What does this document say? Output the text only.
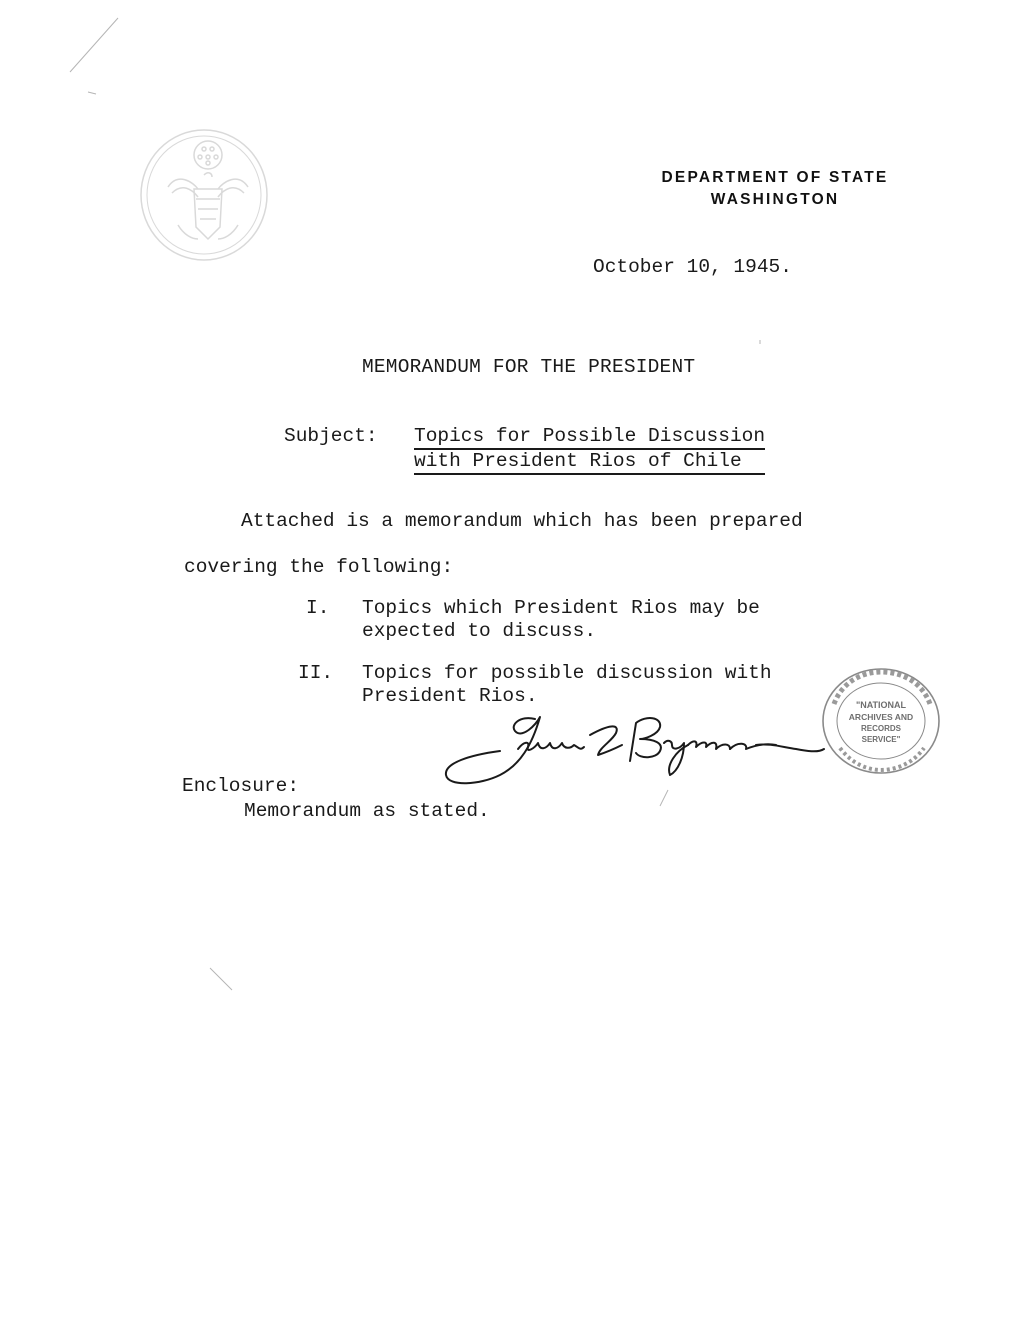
DEPARTMENT OF STATE
WASHINGTON
October 10, 1945.
MEMORANDUM FOR THE PRESIDENT
Subject: Topics for Possible Discussion
with President Rios of Chile
Attached is a memorandum which has been prepared
covering the following:
I. Topics which President Rios may be
expected to discuss.
II. Topics for possible discussion with
President Rios.	"NATIONAL
ARCHIVES AND
RECORDS
SERVICE"
Enclosure:
Memorandum as stated.
